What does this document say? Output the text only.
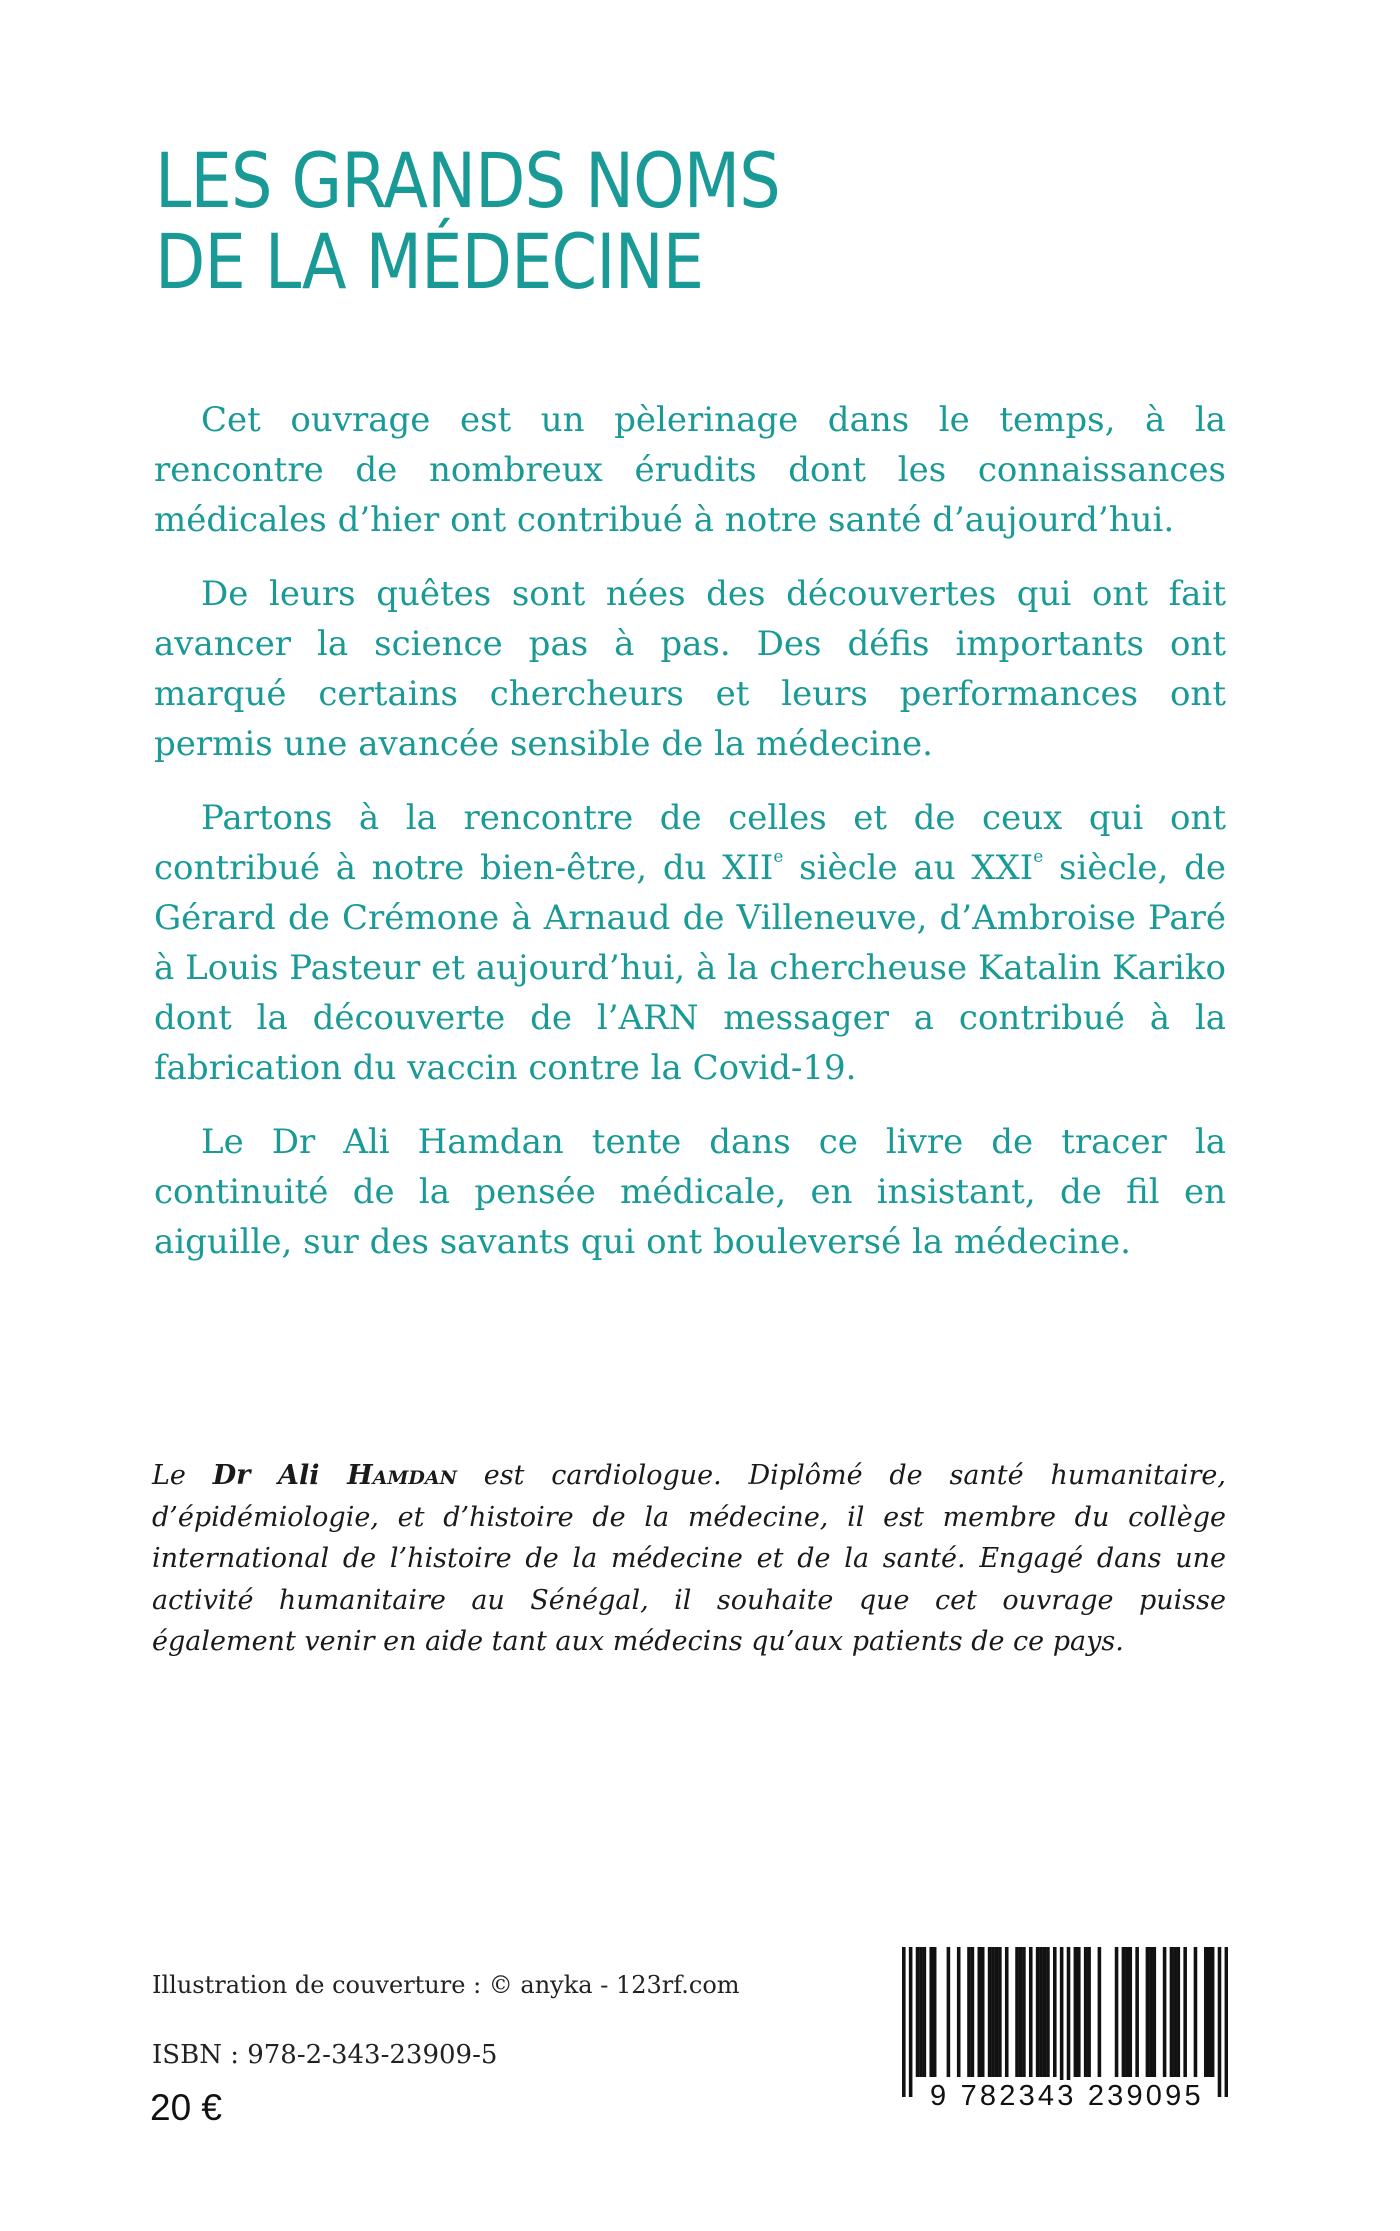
LES GRANDS NOMS
DE LA MÉDECINE

Cet ouvrage est un pèlerinage dans le temps, à la rencontre de nombreux érudits dont les connaissances médicales d’hier ont contribué à notre santé d’aujourd’hui.

De leurs quêtes sont nées des découvertes qui ont fait avancer la science pas à pas. Des défis importants ont marqué certains chercheurs et leurs performances ont permis une avancée sensible de la médecine.

Partons à la rencontre de celles et de ceux qui ont contribué à notre bien-être, du XIIe siècle au XXIe siècle, de Gérard de Crémone à Arnaud de Villeneuve, d’Ambroise Paré à Louis Pasteur et aujourd’hui, à la chercheuse Katalin Kariko dont la découverte de l’ARN messager a contribué à la fabrication du vaccin contre la Covid-19.

Le Dr Ali Hamdan tente dans ce livre de tracer la continuité de la pensée médicale, en insistant, de fil en aiguille, sur des savants qui ont bouleversé la médecine.

Le Dr Ali Hamdan est cardiologue. Diplômé de santé humanitaire, d’épidémiologie, et d’histoire de la médecine, il est membre du collège international de l’histoire de la médecine et de la santé. Engagé dans une activité humanitaire au Sénégal, il souhaite que cet ouvrage puisse également venir en aide tant aux médecins qu’aux patients de ce pays.

Illustration de couverture : © anyka - 123rf.com
ISBN : 978-2-343-23909-5
20 €	9 782343 239095
